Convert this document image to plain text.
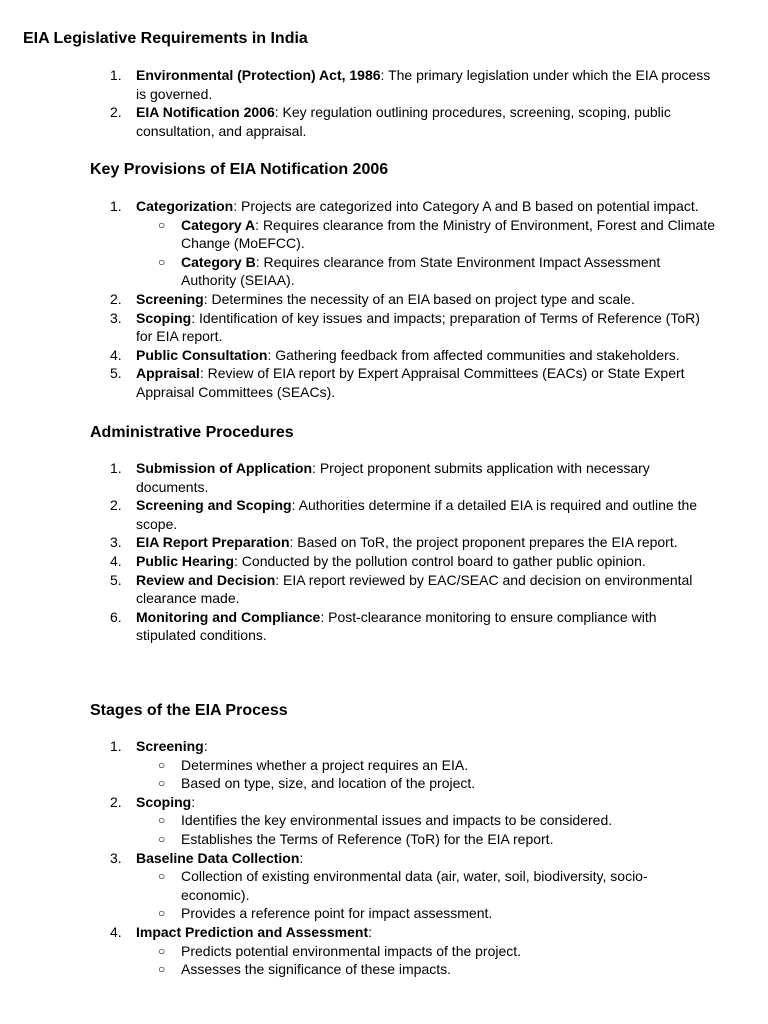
EIA Legislative Requirements in India
1.	Environmental (Protection) Act, 1986: The primary legislation under which the EIA process is governed.
2.	EIA Notification 2006: Key regulation outlining procedures, screening, scoping, public consultation, and appraisal.
Key Provisions of EIA Notification 2006
1.	Categorization: Projects are categorized into Category A and B based on potential impact.
○ Category A: Requires clearance from the Ministry of Environment, Forest and Climate Change (MoEFCC).
○ Category B: Requires clearance from State Environment Impact Assessment Authority (SEIAA).
2.	Screening: Determines the necessity of an EIA based on project type and scale.
3.	Scoping: Identification of key issues and impacts; preparation of Terms of Reference (ToR) for EIA report.
4.	Public Consultation: Gathering feedback from affected communities and stakeholders.
5.	Appraisal: Review of EIA report by Expert Appraisal Committees (EACs) or State Expert Appraisal Committees (SEACs).
Administrative Procedures
1.	Submission of Application: Project proponent submits application with necessary documents.
2.	Screening and Scoping: Authorities determine if a detailed EIA is required and outline the scope.
3.	EIA Report Preparation: Based on ToR, the project proponent prepares the EIA report.
4.	Public Hearing: Conducted by the pollution control board to gather public opinion.
5.	Review and Decision: EIA report reviewed by EAC/SEAC and decision on environmental clearance made.
6.	Monitoring and Compliance: Post-clearance monitoring to ensure compliance with stipulated conditions.
Stages of the EIA Process
1.	Screening:
○ Determines whether a project requires an EIA.
○ Based on type, size, and location of the project.
2.	Scoping:
○ Identifies the key environmental issues and impacts to be considered.
○ Establishes the Terms of Reference (ToR) for the EIA report.
3.	Baseline Data Collection:
○ Collection of existing environmental data (air, water, soil, biodiversity, socio-economic).
○ Provides a reference point for impact assessment.
4.	Impact Prediction and Assessment:
○ Predicts potential environmental impacts of the project.
○ Assesses the significance of these impacts.
